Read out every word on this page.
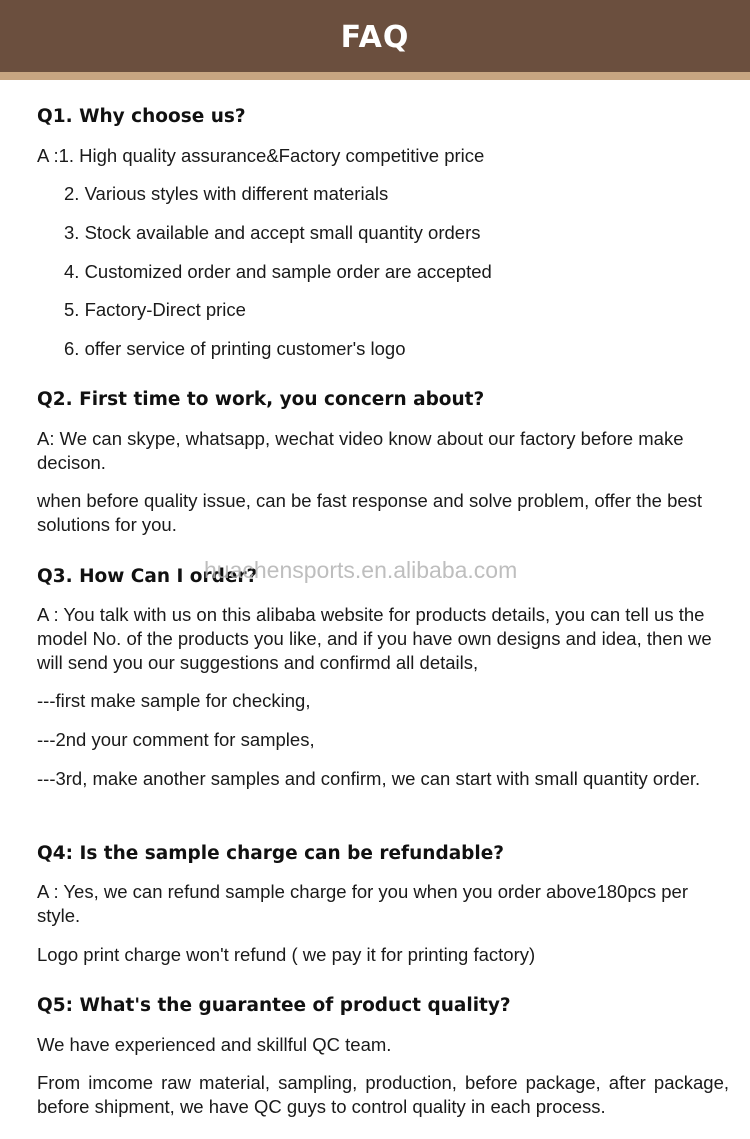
FAQ
Q1. Why choose us?
A :1. High quality assurance&Factory competitive price
2. Various styles with different materials
3. Stock available and accept small quantity orders
4. Customized order and sample order are accepted
5. Factory-Direct price
6. offer service of printing customer's logo
Q2. First time to work, you concern about?
A: We can skype, whatsapp, wechat video know about our factory before make decison.
when before quality issue, can be fast response and solve problem, offer the best solutions for you.
Q3. How Can I order?
A : You talk with us on this alibaba website for products details, you can tell us the model No. of the products you like, and if you have own designs and idea, then we will send you our suggestions and confirmd all details,
---first make sample for checking,
---2nd your comment for samples,
---3rd, make another samples and confirm, we can start with small quantity order.
Q4: Is the sample charge can be refundable?
A : Yes, we can refund sample charge for you when you order above180pcs per style.
Logo print charge won't refund ( we pay it for printing factory)
Q5: What's the guarantee of product quality?
We have experienced and skillful QC team.
From imcome raw material, sampling, production, before package, after package, before shipment, we have QC guys to control quality in each process.
huachensports.en.alibaba.com
